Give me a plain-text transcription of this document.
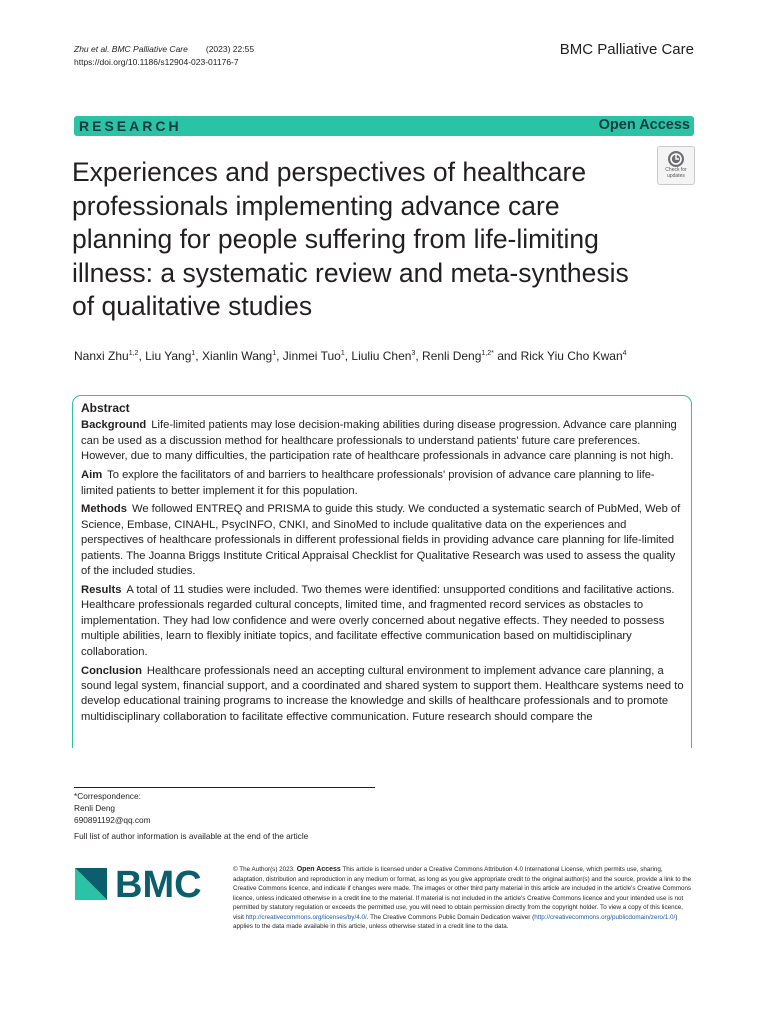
Zhu et al. BMC Palliative Care (2023) 22:55
https://doi.org/10.1186/s12904-023-01176-7
BMC Palliative Care
RESEARCH	Open Access
Experiences and perspectives of healthcare professionals implementing advance care planning for people suffering from life-limiting illness: a systematic review and meta-synthesis of qualitative studies
Check for
updates
Nanxi Zhu$^{1,2}$, Liu Yang$^1$, Xianlin Wang$^1$, Jinmei Tuo$^1$, Liuliu Chen$^3$, Renli Deng$^{1,2*}$ and Rick Yiu Cho Kwan$^4$
Abstract

Background Life-limited patients may lose decision-making abilities during disease progression. Advance care planning can be used as a discussion method for healthcare professionals to understand patients' future care preferences. However, due to many difficulties, the participation rate of healthcare professionals in advance care planning is not high.

Aim To explore the facilitators of and barriers to healthcare professionals' provision of advance care planning to life-limited patients to better implement it for this population.

Methods We followed ENTREQ and PRISMA to guide this study. We conducted a systematic search of PubMed, Web of Science, Embase, CINAHL, PsycINFO, CNKI, and SinoMed to include qualitative data on the experiences and perspectives of healthcare professionals in different professional fields in providing advance care planning for life-limited patients. The Joanna Briggs Institute Critical Appraisal Checklist for Qualitative Research was used to assess the quality of the included studies.

Results A total of 11 studies were included. Two themes were identified: unsupported conditions and facilitative actions. Healthcare professionals regarded cultural concepts, limited time, and fragmented record services as obstacles to implementation. They had low confidence and were overly concerned about negative effects. They needed to possess multiple abilities, learn to flexibly initiate topics, and facilitate effective communication based on multidisciplinary collaboration.

Conclusion Healthcare professionals need an accepting cultural environment to implement advance care planning, a sound legal system, financial support, and a coordinated and shared system to support them. Healthcare systems need to develop educational training programs to increase the knowledge and skills of healthcare professionals and to promote multidisciplinary collaboration to facilitate effective communication. Future research should compare the

*Correspondence:
Renli Deng
690891192@qq.com
Full list of author information is available at the end of the article
BMC	© The Author(s) 2023. Open Access This article is licensed under a Creative Commons Attribution 4.0 International License, which permits use, sharing, adaptation, distribution and reproduction in any medium or format, as long as you give appropriate credit to the original author(s) and the source, provide a link to the Creative Commons licence, and indicate if changes were made. The images or other third party material in this article are included in the article's Creative Commons licence, unless indicated otherwise in a credit line to the material. If material is not included in the article's Creative Commons licence and your intended use is not permitted by statutory regulation or exceeds the permitted use, you will need to obtain permission directly from the copyright holder. To view a copy of this licence, visit http://creativecommons.org/licenses/by/4.0/. The Creative Commons Public Domain Dedication waiver (http://creativecommons.org/publicdomain/zero/1.0/) applies to the data made available in this article, unless otherwise stated in a credit line to the data.
